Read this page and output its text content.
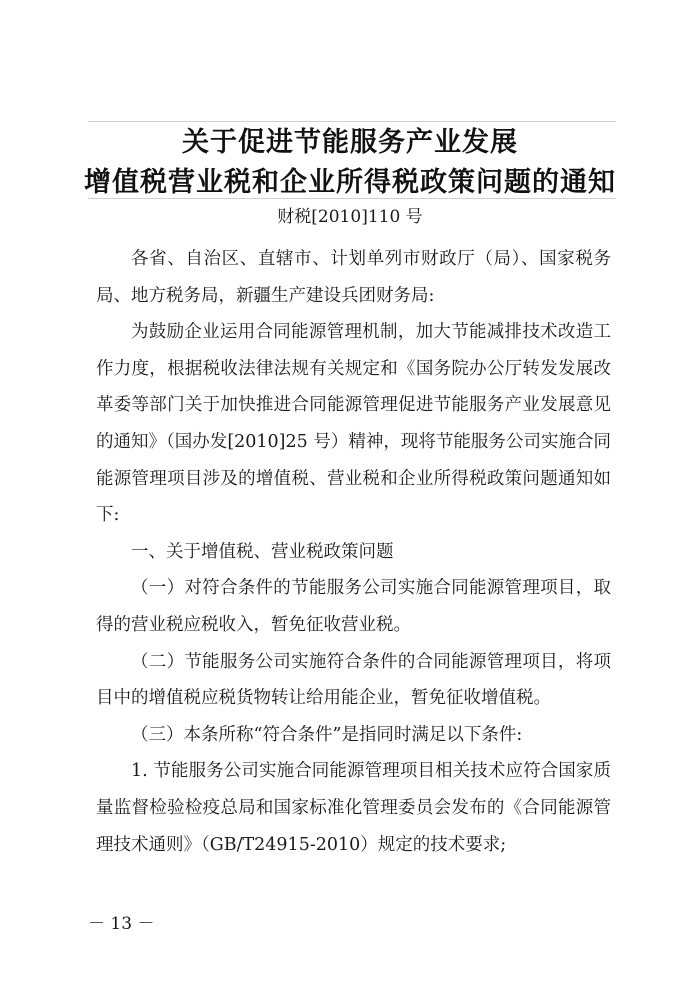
关于促进节能服务产业发展
增值税营业税和企业所得税政策问题的通知
财税[2010]110 号

各省、自治区、直辖市、计划单列市财政厅（局）、国家税务局、地方税务局，新疆生产建设兵团财务局:

为鼓励企业运用合同能源管理机制，加大节能减排技术改造工作力度，根据税收法律法规有关规定和《国务院办公厅转发发展改革委等部门关于加快推进合同能源管理促进节能服务产业发展意见的通知》（国办发[2010]25 号）精神，现将节能服务公司实施合同能源管理项目涉及的增值税、营业税和企业所得税政策问题通知如下:

一、关于增值税、营业税政策问题

（一）对符合条件的节能服务公司实施合同能源管理项目，取得的营业税应税收入，暂免征收营业税。

（二）节能服务公司实施符合条件的合同能源管理项目，将项目中的增值税应税货物转让给用能企业，暂免征收增值税。

（三）本条所称“符合条件”是指同时满足以下条件:

1. 节能服务公司实施合同能源管理项目相关技术应符合国家质量监督检验检疫总局和国家标准化管理委员会发布的《合同能源管理技术通则》（GB/T24915-2010）规定的技术要求;

－ 13 －
